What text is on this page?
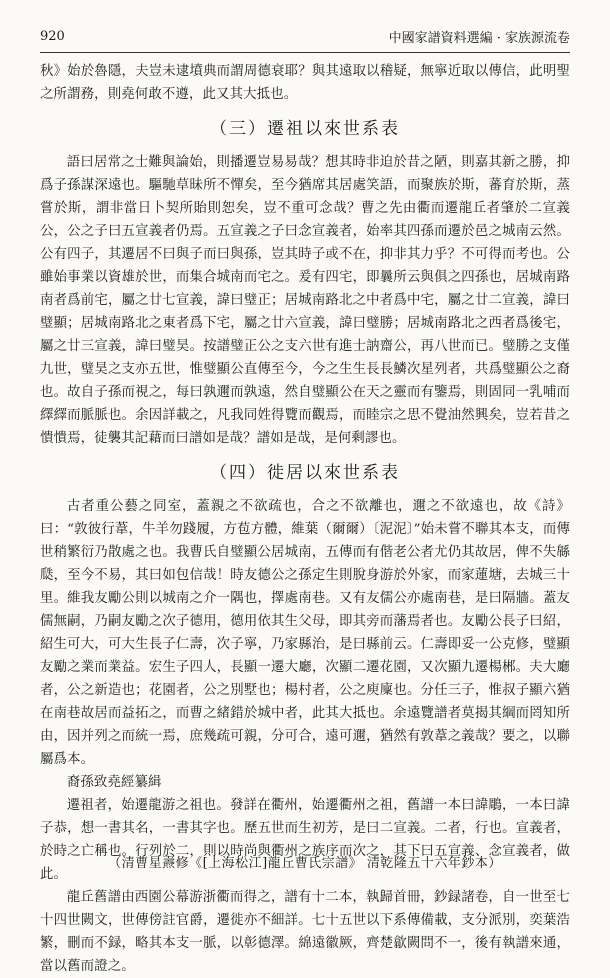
920	中國家譜資料選編 · 家族源流卷

秋》始於魯隱，夫豈未逮墳典而謂周德衰耶？與其遠取以稽疑，無寧近取以傳信，此明聖之所謂務，則堯何敢不遵，此又其大抵也。

（三）遷祖以來世系表

語曰居常之士難與論始，則播遷豈易易哉？想其時非迫於昔之陋，則嘉其新之勝，抑爲子孫謀深遠也。驅馳草昧所不憚矣，至今猶席其居處笑語，而聚族於斯，蕃育於斯，蒸嘗於斯，謂非當日卜契所貽則恕矣，豈不重可念哉？曹之先由衢而遷龍丘者肇於二宣義公，公之子曰五宣義者仍焉。五宣義之子曰念宣義者，始率其四孫而遷於邑之城南云然。公有四子，其遷居不曰與子而曰與孫，豈其時子或不在，抑非其力乎？不可得而考也。公雖始事業以資雄於世，而集合城南而宅之。爰有四宅，即曩所云與俱之四孫也，居城南路南者爲前宅，屬之廿七宣義，諱曰璧正；居城南路北之中者爲中宅，屬之廿二宣義，諱曰璧顯；居城南路北之東者爲下宅，屬之廿六宣義，諱曰璧勝；居城南路北之西者爲後宅，屬之廿三宣義，諱曰璧昊。按譜璧正公之支六世有進士訥齋公，再八世而已。璧勝之支僅九世，璧昊之支亦五世，惟璧顯公直傳至今，今之生生長長鱗次星列者，共爲璧顯公之裔也。故自子孫而視之，每曰孰邇而孰遠，然自璧顯公在天之靈而有鑒焉，則固同一乳哺而繹繹而脈脈也。余因詳載之，凡我同姓得覽而觀焉，而睦宗之思不覺油然興矣，豈若昔之憒憒焉，徒襲其記藉而曰譜如是哉？譜如是哉，是何剩謬也。

（四）徙居以來世系表

古者重公藝之同室，蓋親之不欲疏也，合之不欲離也，邇之不欲遠也，故《詩》曰：“敦彼行葦，牛羊勿踐履，方苞方體，維葉（爾爾）〔泥泥〕”始未嘗不聯其本支，而傳世稍繁衍乃散處之也。我曹氏自璧顯公居城南，五傳而有偕老公者尤仍其故居，俾不失緜瓞，至今不易，其曰如包信哉！時友德公之孫定生則脫身游於外家，而家蓮塘，去城三十里。維我友勵公則以城南之介一隅也，擇處南巷。又有友儒公亦處南巷，是曰隔牆。蓋友儒無嗣，乃嗣友勵之次子德用，德用依其生父母，即其旁而藩焉者也。友勵公長子曰紹，紹生可大，可大生長子仁壽，次子寧，乃家縣治，是曰縣前云。仁壽即妥一公克修，璧顯友勵之業而業益。宏生子四人，長顯一遷大廳，次顯二遷花園，又次顯九遷楊郴。夫大廳者，公之新造也；花園者，公之別墅也；楊村者，公之庾廩也。分任三子，惟叔子顯六猶在南巷故居而益拓之，而曹之緒錯於城中者，此其大抵也。余遠覽譜者莫揭其綱而罔知所由，因并列之而統一焉，庶幾疏可親，分可合，遠可邇，猶然有敦葦之義哉？要之，以聯屬爲本。

裔孫致堯經纂緝

遷祖者，始遷龍游之祖也。發詳在衢州，始遷衢州之祖，舊譜一本曰諱鵰，一本曰諱子恭，想一書其名，一書其字也。歷五世而生初芳，是曰二宣義。二者，行也。宣義者，於時之亡稱也。行列於二，則以時尚與衢州之族序而次之，其下曰五宣義、念宣義者，做此。

龍丘舊譜由西園公幕游浙衢而得之，譜有十二本，執歸首冊，鈔録諸卷，自一世至七十四世闕文，世傳傍註官爵，遷徙亦不細詳。七十五世以下系傳備載，支分派別，奕葉浩繁，刪而不録，略其本支一脈，以彰德澤。綿遠徽厥，齊楚歙闕問不一，後有執譜來通，當以舊而證之。

（清曹星燾修《[上海松江]龍丘曹氏宗譜》 清乾隆五十六年鈔本）
